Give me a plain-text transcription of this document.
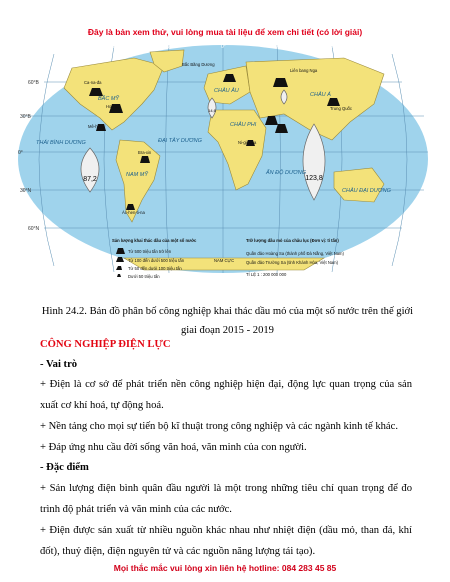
Đây là bản xem thử, vui lòng mua tài liệu để xem chi tiết (có lời giải)
87,2	123,8
14,6
180°	120°T	60°T	0°	60°Đ	120°Đ	180°
60°B
30°B
0°
30°N
60°N
Bắc Băng Dương
Ca-na-đa
Hoa Kỳ
Mê-hi-cô
Bra-xin
Ác-hen-ti-na
Liên bang Nga
Trung Quốc
Ni-giê-ri-a
NAM CỰC
BẮC MỸ
NAM MỸ
CHÂU ÂU
CHÂU Á
CHÂU PHI
CHÂU ĐẠI DƯƠNG
THÁI BÌNH DƯƠNG	ĐẠI TÂY DƯƠNG
ẤN ĐỘ DƯƠNG
Sản lượng khai thác dầu của một số nước
Từ 500 triệu tấn trở lên
Từ 100 đến dưới 500 triệu tấn
Từ 50 đến dưới 100 triệu tấn
Dưới 50 triệu tấn
Trữ lượng dầu mỏ của châu lục (Đơn vị: tỉ tấn)
Quần đảo Hoàng Sa (thành phố Đà Nẵng, Việt Nam)
Quần đảo Trường Sa (tỉnh Khánh Hòa, Việt Nam)
TỈ LỆ 1 : 200 000 000
Hình 24.2. Bản đồ phân bố công nghiệp khai thác dầu mỏ của một số nước trên thế giới giai đoạn 2015 - 2019
CÔNG NGHIỆP ĐIỆN LỰC
- Vai trò
+ Điện là cơ sở để phát triển nền công nghiệp hiện đại, động lực quan trọng của sản xuất cơ khí hoá, tự động hoá.
+ Nền tảng cho mọi sự tiến bộ kĩ thuật trong công nghiệp và các ngành kinh tế khác.
+ Đáp ứng nhu cầu đời sống văn hoá, văn minh của con người.
- Đặc điểm
+ Sản lượng điện bình quân đầu người là một trong những tiêu chí quan trọng để đo trình độ phát triển và văn minh của các nước.
+ Điện được sản xuất từ nhiều nguồn khác nhau như nhiệt điện (dầu mỏ, than đá, khí đốt), thuỷ điện, điện nguyên tử và các nguồn năng lượng tái tạo).
Mọi thắc mắc vui lòng xin liên hệ hotline: 084 283 45 85
